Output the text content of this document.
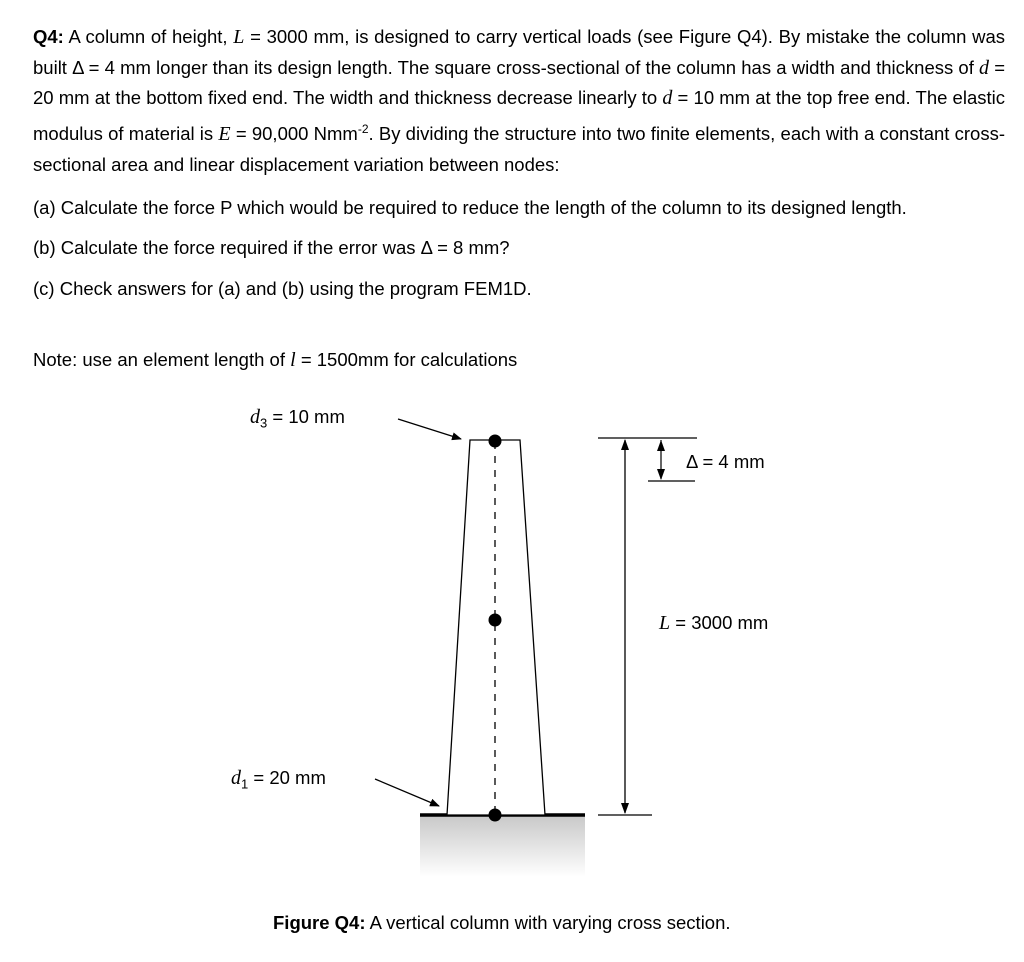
Q4: A column of height, L = 3000 mm, is designed to carry vertical loads (see Figure Q4). By mistake the column was built Δ = 4 mm longer than its design length. The square cross-sectional of the column has a width and thickness of d = 20 mm at the bottom fixed end. The width and thickness decrease linearly to d = 10 mm at the top free end. The elastic modulus of material is E = 90,000 Nmm$^{-2}$. By dividing the structure into two finite elements, each with a constant cross-sectional area and linear displacement variation between nodes:

(a) Calculate the force P which would be required to reduce the length of the column to its designed length.
(b) Calculate the force required if the error was Δ = 8 mm?
(c) Check answers for (a) and (b) using the program FEM1D.
Note: use an element length of l = 1500mm for calculations
$d_3 = 10$ mm
$d_1 = 20$ mm
Δ = 4 mm
L = 3000 mm
Figure Q4: A vertical column with varying cross section.
